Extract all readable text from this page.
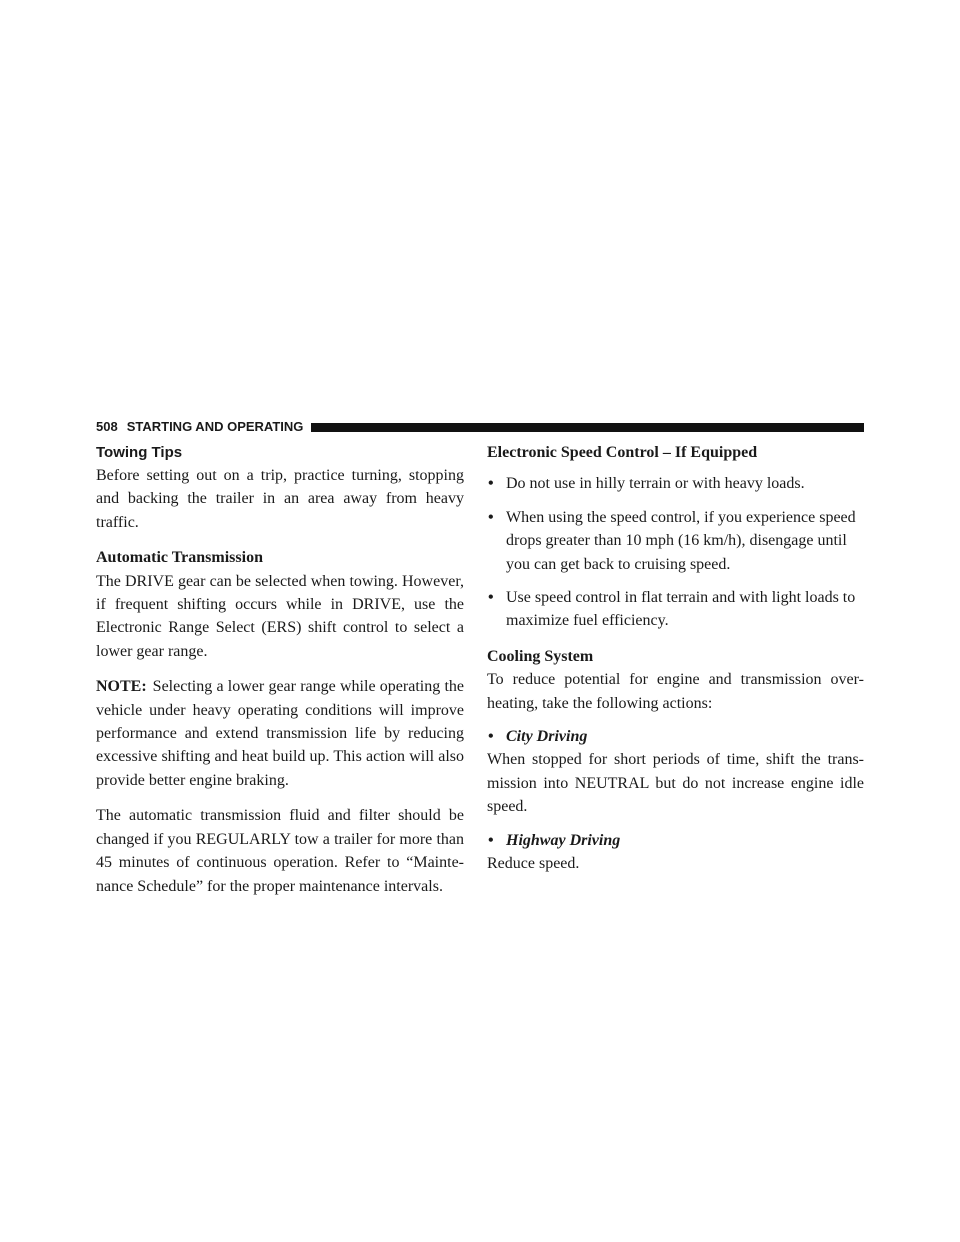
508 STARTING AND OPERATING
Towing Tips

Before setting out on a trip, practice turning, stopping and backing the trailer in an area away from heavy traffic.

Automatic Transmission

The DRIVE gear can be selected when towing. However, if frequent shifting occurs while in DRIVE, use the Electronic Range Select (ERS) shift control to select a lower gear range.

NOTE: Selecting a lower gear range while operating the vehicle under heavy operating conditions will improve performance and extend transmission life by reducing excessive shifting and heat build up. This action will also provide better engine braking.

The automatic transmission fluid and filter should be changed if you REGULARLY tow a trailer for more than 45 minutes of continuous operation. Refer to “Mainte- nance Schedule” for the proper maintenance intervals.

Electronic Speed Control – If Equipped
• Do not use in hilly terrain or with heavy loads.
• When using the speed control, if you experience speed drops greater than 10 mph (16 km/h), disengage until you can get back to cruising speed.
• Use speed control in flat terrain and with light loads to maximize fuel efficiency.
Cooling System

To reduce potential for engine and transmission over- heating, take the following actions:

• City Driving

When stopped for short periods of time, shift the trans- mission into NEUTRAL but do not increase engine idle speed.

• Highway Driving

Reduce speed.
